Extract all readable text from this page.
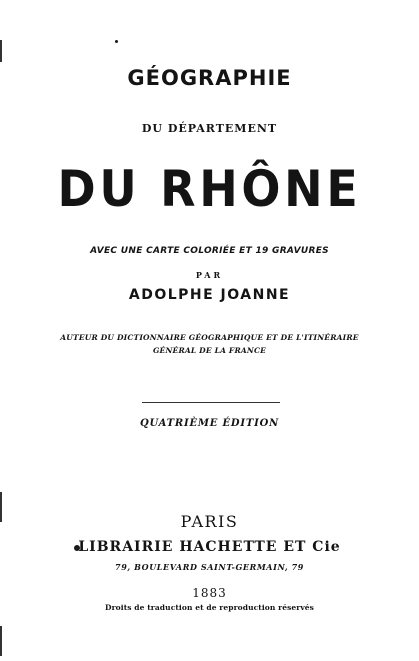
GÉOGRAPHIE
DU DÉPARTEMENT
DU RHÔNE
AVEC UNE CARTE COLORIÉE ET 19 GRAVURES
PAR
ADOLPHE JOANNE
AUTEUR DU DICTIONNAIRE GÉOGRAPHIQUE ET DE L'ITINÉRAIRE
GÉNÉRAL DE LA FRANCE
QUATRIÈME ÉDITION
PARIS
LIBRAIRIE HACHETTE ET Cie
79, BOULEVARD SAINT-GERMAIN, 79
1883
Droits de traduction et de reproduction réservés
